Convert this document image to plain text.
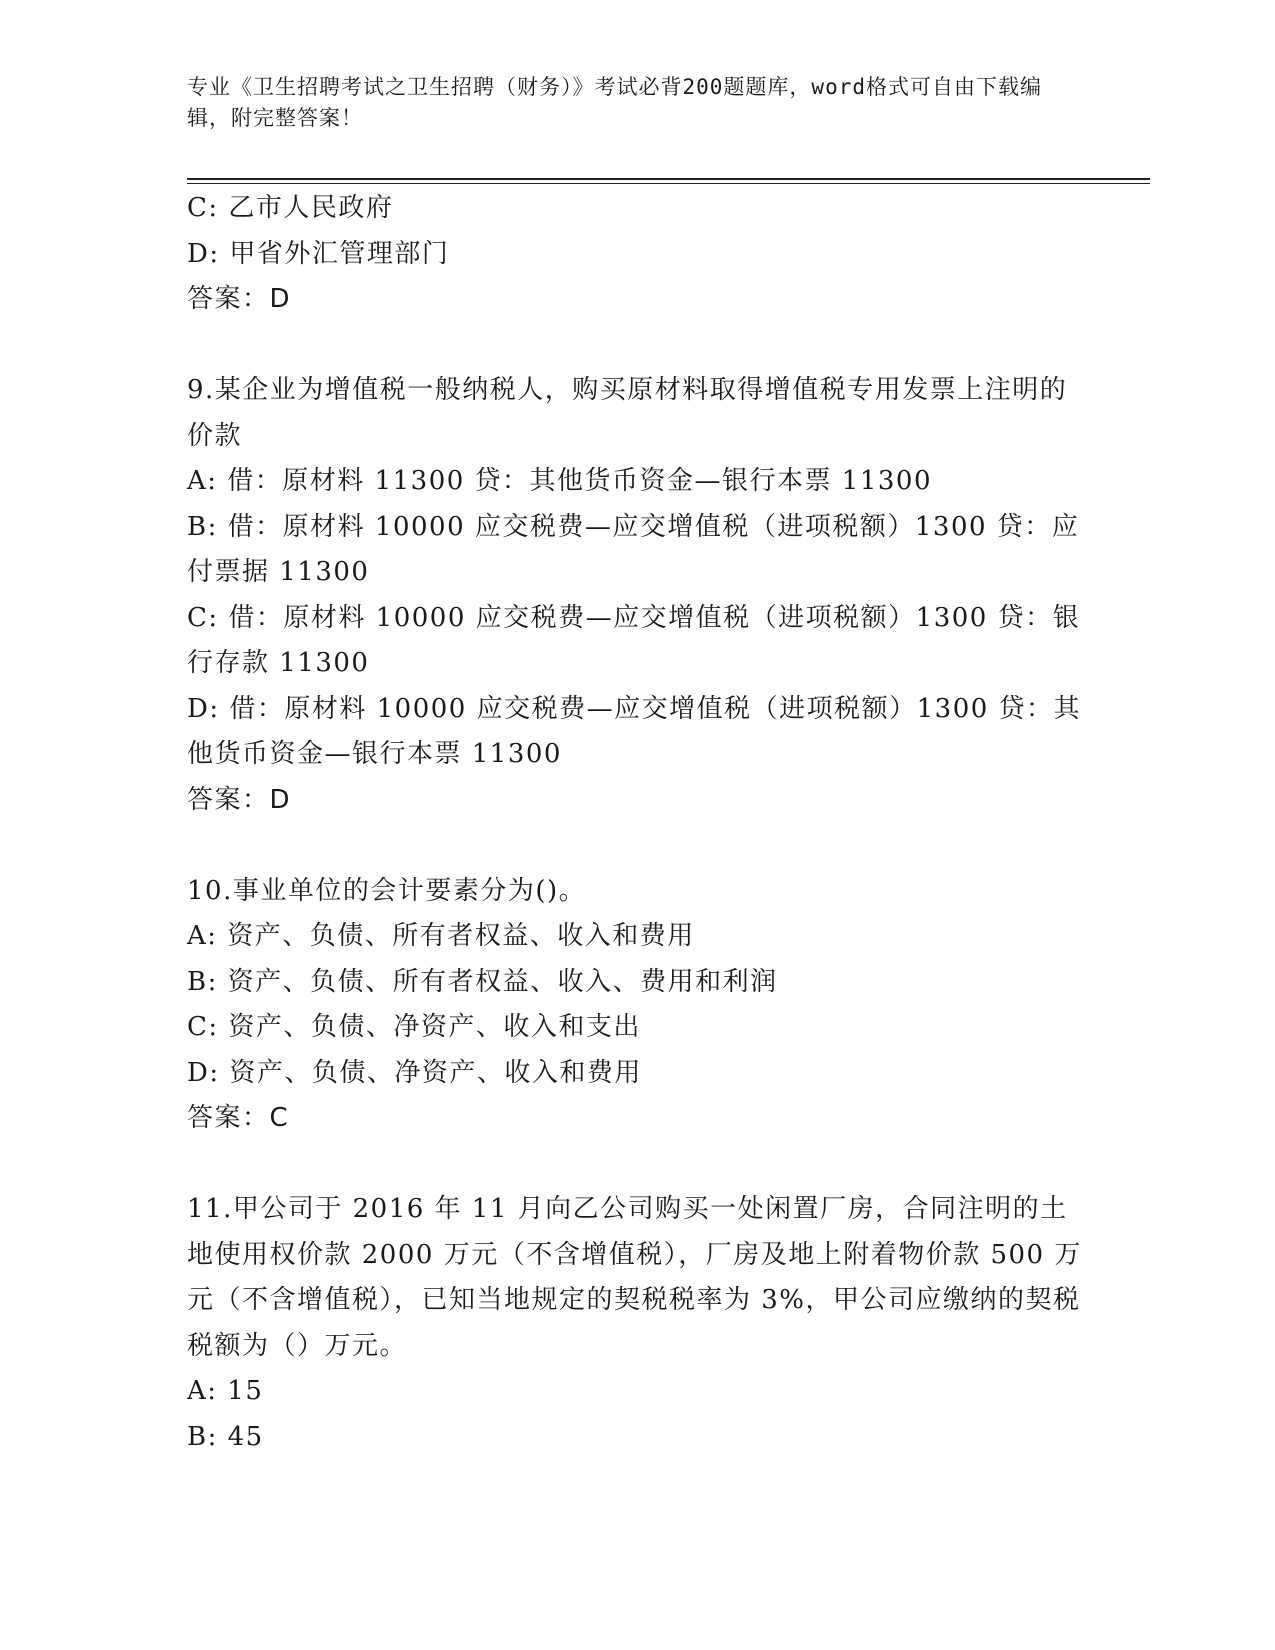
专业《卫生招聘考试之卫生招聘（财务）》考试必背200题题库，word格式可自由下载编辑，附完整答案！
C: 乙市人民政府
D: 甲省外汇管理部门
答案：D
9.某企业为增值税一般纳税人，购买原材料取得增值税专用发票上注明的价款
A: 借：原材料 11300 贷：其他货币资金—银行本票 11300
B: 借：原材料 10000 应交税费—应交增值税（进项税额）1300 贷：应付票据 11300
C: 借：原材料 10000 应交税费—应交增值税（进项税额）1300 贷：银行存款 11300
D: 借：原材料 10000 应交税费—应交增值税（进项税额）1300 贷：其他货币资金—银行本票 11300
答案：D
10.事业单位的会计要素分为()。
A: 资产、负债、所有者权益、收入和费用
B: 资产、负债、所有者权益、收入、费用和利润
C: 资产、负债、净资产、收入和支出
D: 资产、负债、净资产、收入和费用
答案：C
11.甲公司于 2016 年 11 月向乙公司购买一处闲置厂房，合同注明的土地使用权价款 2000 万元（不含增值税），厂房及地上附着物价款 500 万元（不含增值税），已知当地规定的契税税率为 3%，甲公司应缴纳的契税税额为（）万元。
A: 15
B: 45
